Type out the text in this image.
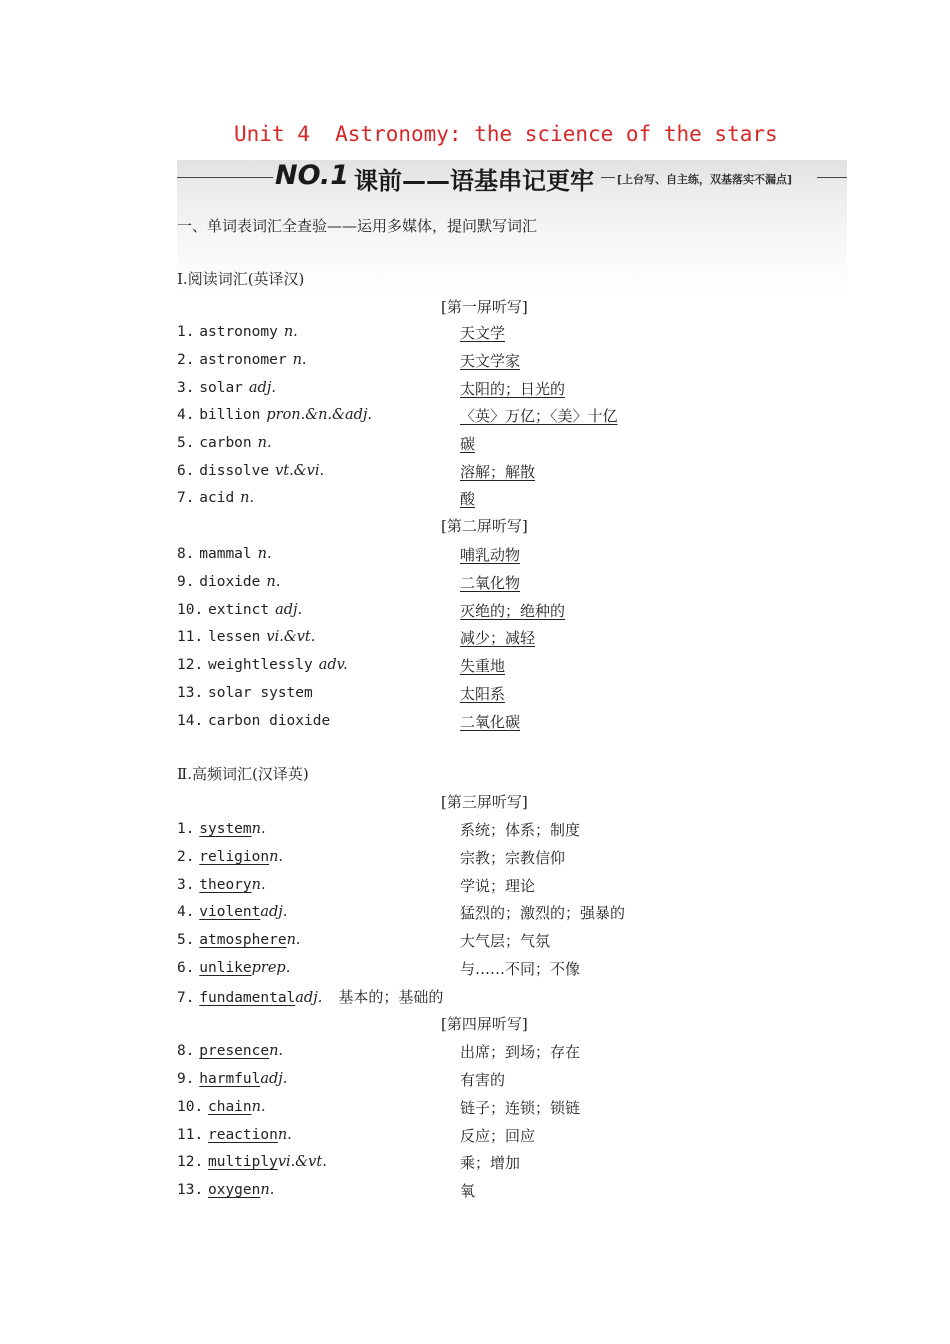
Unit 4  Astronomy: the science of the stars
NO.1 课前——语基串记更牢 [上台写、自主练，双基落实不漏点]
一、单词表词汇全查验——运用多媒体，提问默写词汇
Ⅰ.阅读词汇(英译汉)
[第一屏听写]
1. astronomy n.	天文学
2. astronomer n.	天文学家
3. solar adj.	太阳的；日光的
4. billion pron.&n.&adj.	〈英〉万亿；〈美〉十亿
5. carbon n.	碳
6. dissolve vt.&vi.	溶解；解散
7. acid n.	酸
[第二屏听写]
8. mammal n.	哺乳动物
9. dioxide n.	二氧化物
10. extinct adj.	灭绝的；绝种的
11. lessen vi.&vt.	减少；减轻
12. weightlessly adv.	失重地
13. solar system	太阳系
14. carbon dioxide	二氧化碳
Ⅱ.高频词汇(汉译英)
[第三屏听写]
1. systemn.	系统；体系；制度
2. religionn.	宗教；宗教信仰
3. theoryn.	学说；理论
4. violentadj.	猛烈的；激烈的；强暴的
5. atmospheren.	大气层；气氛
6. unlikeprep.	与……不同；不像
7. fundamentaladj. 基本的；基础的
[第四屏听写]
8. presencen.	出席；到场；存在
9. harmfuladj.	有害的
10. chainn.	链子；连锁；锁链
11. reactionn.	反应；回应
12. multiplyvi.&vt.	乘；增加
13. oxygenn.	氧
